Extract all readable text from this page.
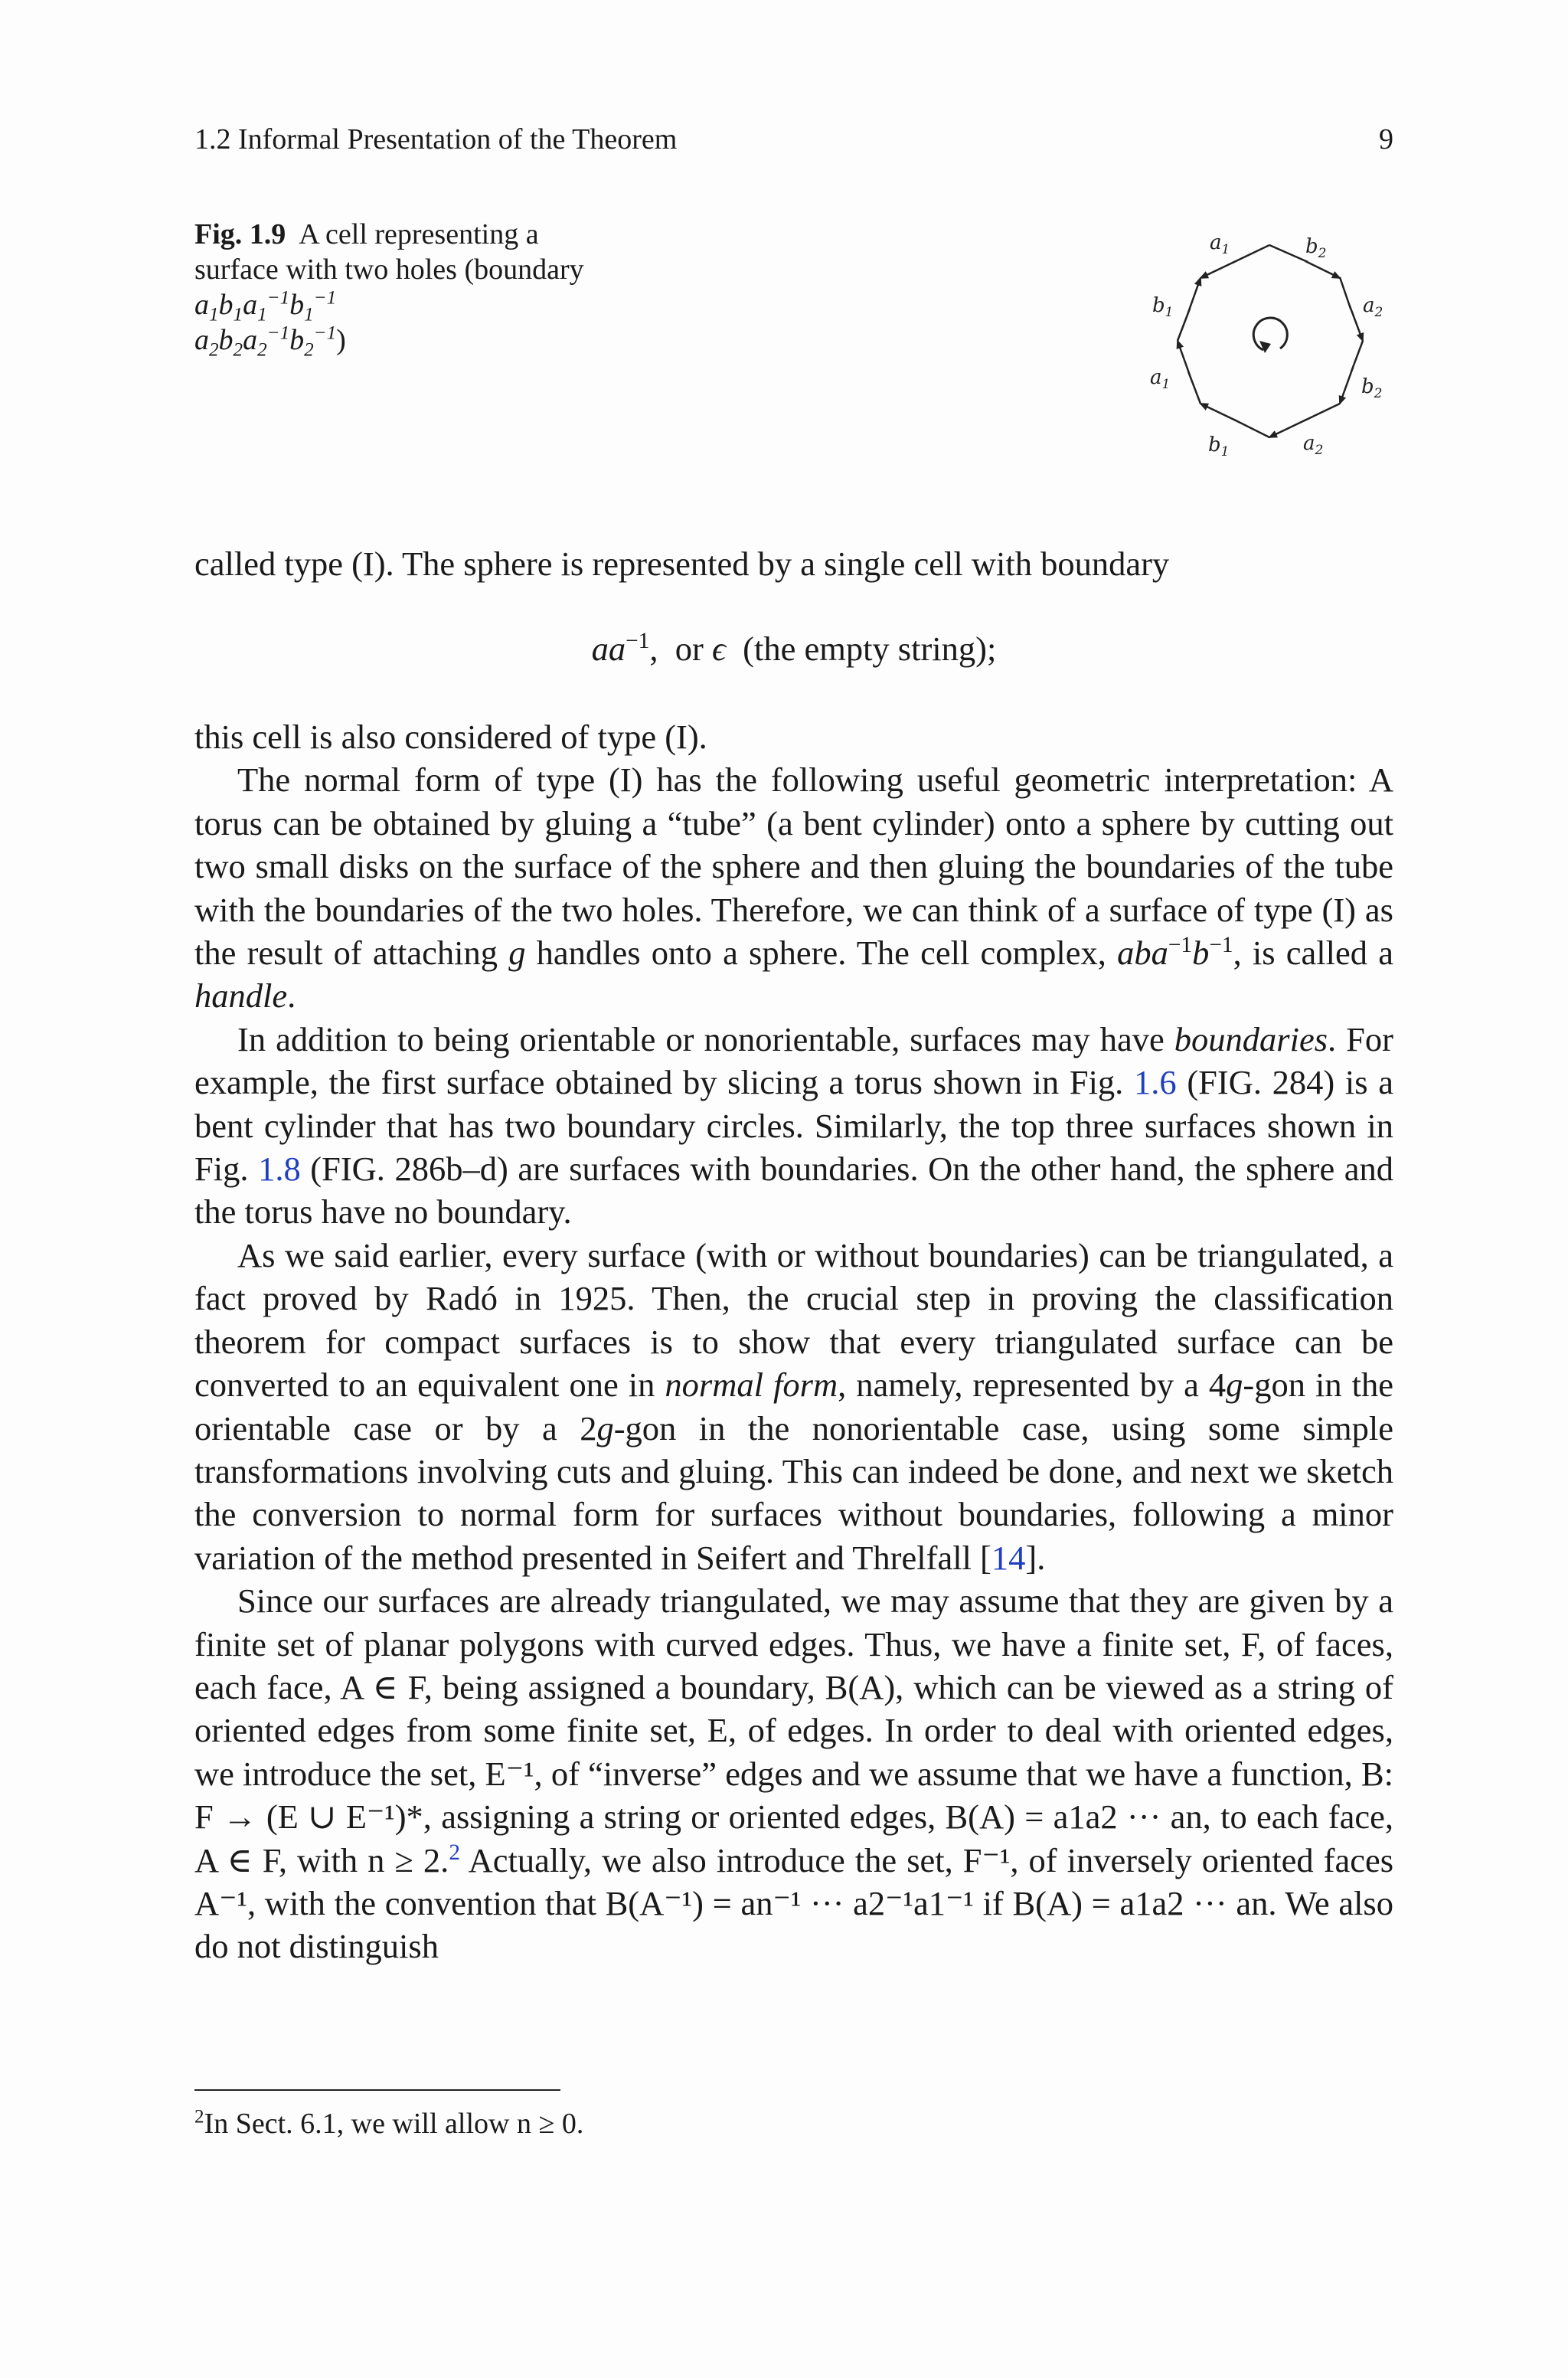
1.2 Informal Presentation of the Theorem	9
Fig. 1.9 A cell representing a surface with two holes (boundary $a_1b_1a_1^{-1}b_1^{-1}$
$a_2b_2a_2^{-1}b_2^{-1}$)
$a_1$	$b_2$
$a_2$
$b_2$
$a_2$
$b_1$
$a_1$
$b_1$

called type (I). The sphere is represented by a single cell with boundary

$aa^{-1}$,  or ϵ  (the empty string);

this cell is also considered of type (I).

The normal form of type (I) has the following useful geometric interpretation: A torus can be obtained by gluing a “tube” (a bent cylinder) onto a sphere by cutting out two small disks on the surface of the sphere and then gluing the boundaries of the tube with the boundaries of the two holes. Therefore, we can think of a surface of type (I) as the result of attaching g handles onto a sphere. The cell complex, $aba^{-1}b^{-1}$, is called a handle.

In addition to being orientable or nonorientable, surfaces may have boundaries. For example, the first surface obtained by slicing a torus shown in Fig. 1.6 (FIG. 284) is a bent cylinder that has two boundary circles. Similarly, the top three surfaces shown in Fig. 1.8 (FIG. 286b–d) are surfaces with boundaries. On the other hand, the sphere and the torus have no boundary.

As we said earlier, every surface (with or without boundaries) can be triangulated, a fact proved by Radó in 1925. Then, the crucial step in proving the classification theorem for compact surfaces is to show that every triangulated surface can be converted to an equivalent one in normal form, namely, represented by a 4g-gon in the orientable case or by a 2g-gon in the nonorientable case, using some simple transformations involving cuts and gluing. This can indeed be done, and next we sketch the conversion to normal form for surfaces without boundaries, following a minor variation of the method presented in Seifert and Threlfall [14].

Since our surfaces are already triangulated, we may assume that they are given by a finite set of planar polygons with curved edges. Thus, we have a finite set, F, of faces, each face, A ∈ F, being assigned a boundary, B(A), which can be viewed as a string of oriented edges from some finite set, E, of edges. In order to deal with oriented edges, we introduce the set, E⁻¹, of “inverse” edges and we assume that we have a function, B: F → (E ∪ E⁻¹)*, assigning a string or oriented edges, B(A) = a1a2 ··· an, to each face, A ∈ F, with n ≥ 2.$^2$ Actually, we also introduce the set, F⁻¹, of inversely oriented faces A⁻¹, with the convention that B(A⁻¹) = an⁻¹ ··· a2⁻¹a1⁻¹ if B(A) = a1a2 ··· an. We also do not distinguish

$^2$In Sect. 6.1, we will allow n ≥ 0.
